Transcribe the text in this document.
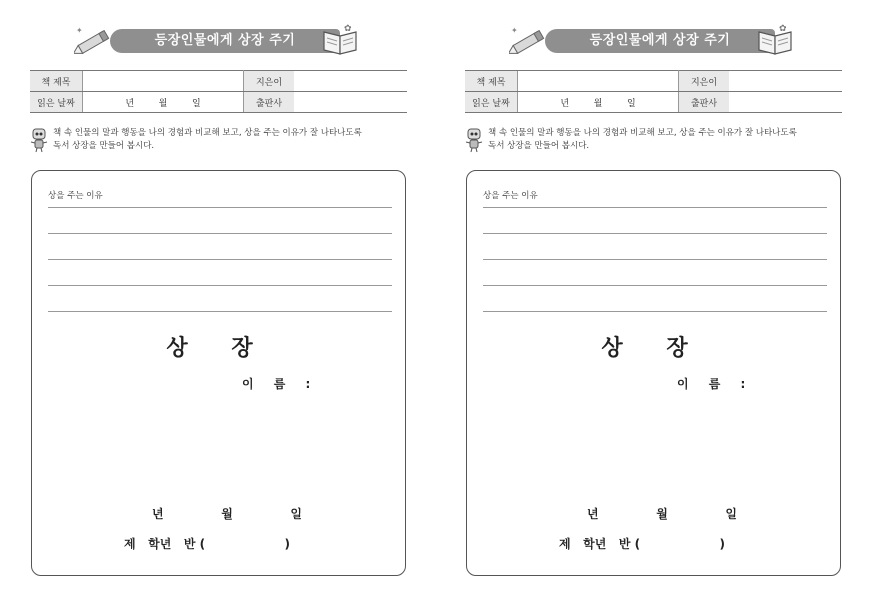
✦
등장인물에게 상장 주기
✿
책 제목		지은이	
읽은 날짜	년 월 일	출판사	
책 속 인물의 말과 행동을 나의 경험과 비교해 보고, 상을 주는 이유가 잘 나타나도록
독서 상장을 만들어 봅시다.
상을 주는 이유
상 장
이 름 :
년	월	일
제   학년   반 (                   )
✦
등장인물에게 상장 주기
✿
책 제목		지은이	
읽은 날짜	년 월 일	출판사	
책 속 인물의 말과 행동을 나의 경험과 비교해 보고, 상을 주는 이유가 잘 나타나도록
독서 상장을 만들어 봅시다.
상을 주는 이유
상 장
이 름 :
년	월	일
제   학년   반 (                   )
